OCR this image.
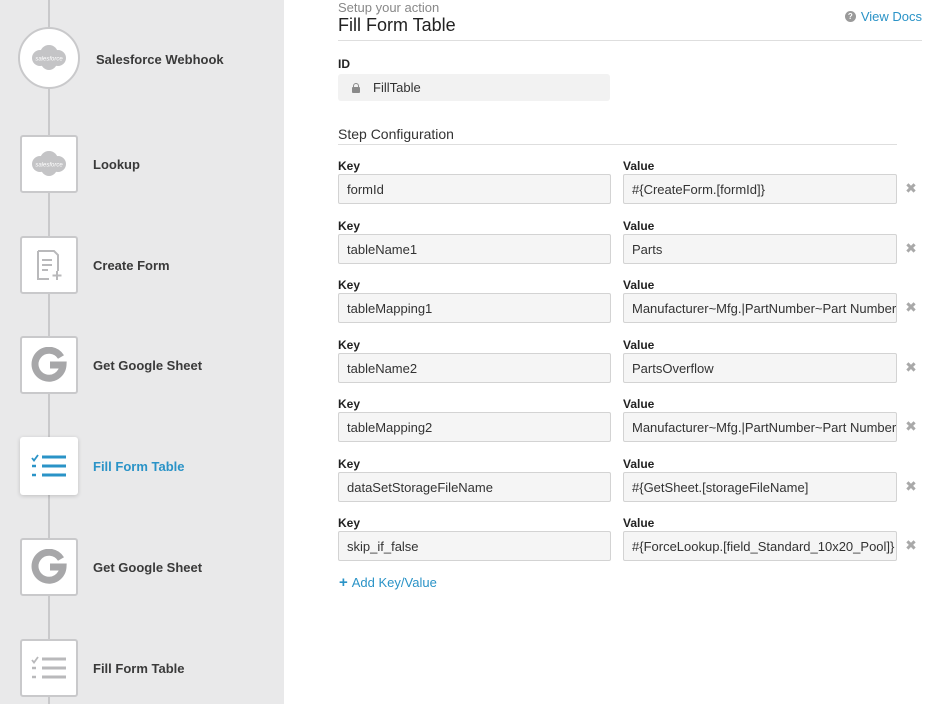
salesforce	Salesforce Webhook
salesforce Lookup
Create Form
Get Google Sheet
Fill Form Table
Get Google Sheet
Fill Form Table
Setup your action
Fill Form Table	? View Docs
ID
FillTable
Step Configuration
Key	Value
formId	#{CreateForm.[formId]}	✖
Key	Value
tableName1	Parts	✖
Key	Value
tableMapping1	Manufacturer~Mfg.|PartNumber~Part Number ✖
Key	Value
tableName2	PartsOverflow	✖
Key	Value
tableMapping2	Manufacturer~Mfg.|PartNumber~Part Number ✖
Key	Value
dataSetStorageFileName	#{GetSheet.[storageFileName]	✖
Key	Value
skip_if_false	#{ForceLookup.[field_Standard_10x20_Pool]} ✖
+ Add Key/Value
